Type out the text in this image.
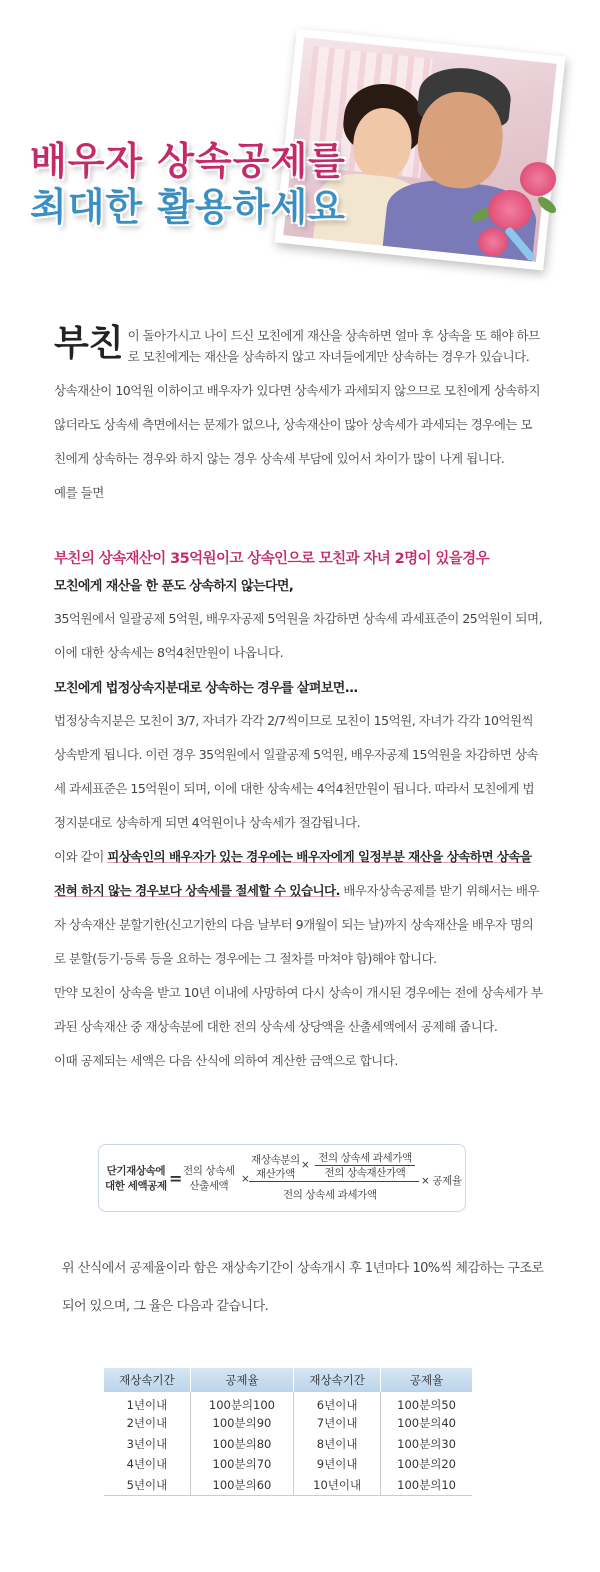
배우자 상속공제를
최대한 활용하세요
부친 이 돌아가시고 나이 드신 모친에게 재산을 상속하면 얼마 후 상속을 또 해야 하므
로 모친에게는 재산을 상속하지 않고 자녀들에게만 상속하는 경우가 있습니다.
상속재산이 10억원 이하이고 배우자가 있다면 상속세가 과세되지 않으므로 모친에게 상속하지
않더라도 상속세 측면에서는 문제가 없으나, 상속재산이 많아 상속세가 과세되는 경우에는 모
친에게 상속하는 경우와 하지 않는 경우 상속세 부담에 있어서 차이가 많이 나게 됩니다.
예를 들면
부친의 상속재산이 35억원이고 상속인으로 모친과 자녀 2명이 있을경우
모친에게 재산을 한 푼도 상속하지 않는다면,
35억원에서 일괄공제 5억원, 배우자공제 5억원을 차감하면 상속세 과세표준이 25억원이 되며,
이에 대한 상속세는 8억4천만원이 나옵니다.
모친에게 법정상속지분대로 상속하는 경우를 살펴보면...
법정상속지분은 모친이 3/7, 자녀가 각각 2/7씩이므로 모친이 15억원, 자녀가 각각 10억원씩
상속받게 됩니다. 이런 경우 35억원에서 일괄공제 5억원, 배우자공제 15억원을 차감하면 상속
세 과세표준은 15억원이 되며, 이에 대한 상속세는 4억4천만원이 됩니다. 따라서 모친에게 법
정지분대로 상속하게 되면 4억원이나 상속세가 절감됩니다.
이와 같이 피상속인의 배우자가 있는 경우에는 배우자에게 일정부분 재산을 상속하면 상속을
전혀 하지 않는 경우보다 상속세를 절세할 수 있습니다. 배우자상속공제를 받기 위해서는 배우
자 상속재산 분할기한(신고기한의 다음 날부터 9개월이 되는 날)까지 상속재산을 배우자 명의
로 분할(등기·등록 등을 요하는 경우에는 그 절차를 마쳐야 함)해야 합니다.
만약 모친이 상속을 받고 10년 이내에 사망하여 다시 상속이 개시된 경우에는 전에 상속세가 부
과된 상속재산 중 재상속분에 대한 전의 상속세 상당액을 산출세액에서 공제해 줍니다.
이때 공제되는 세액은 다음 산식에 의하여 계산한 금액으로 합니다.
단기재상속에
대한 세액공제 = 전의 상속세
산출세액
×
재상속분의
재산가액
×
전의 상속세 과세가액
전의 상속재산가액
전의 상속세 과세가액
× 공제율
위 산식에서 공제율이라 함은 재상속기간이 상속개시 후 1년마다 10%씩 체감하는 구조로
되어 있으며, 그 율은 다음과 같습니다.
재상속기간	공제율	재상속기간	공제율
1년이내	100분의100	6년이내	100분의50
2년이내	100분의90	7년이내	100분의40
3년이내	100분의80	8년이내	100분의30
4년이내	100분의70	9년이내	100분의20
5년이내	100분의60	10년이내	100분의10
